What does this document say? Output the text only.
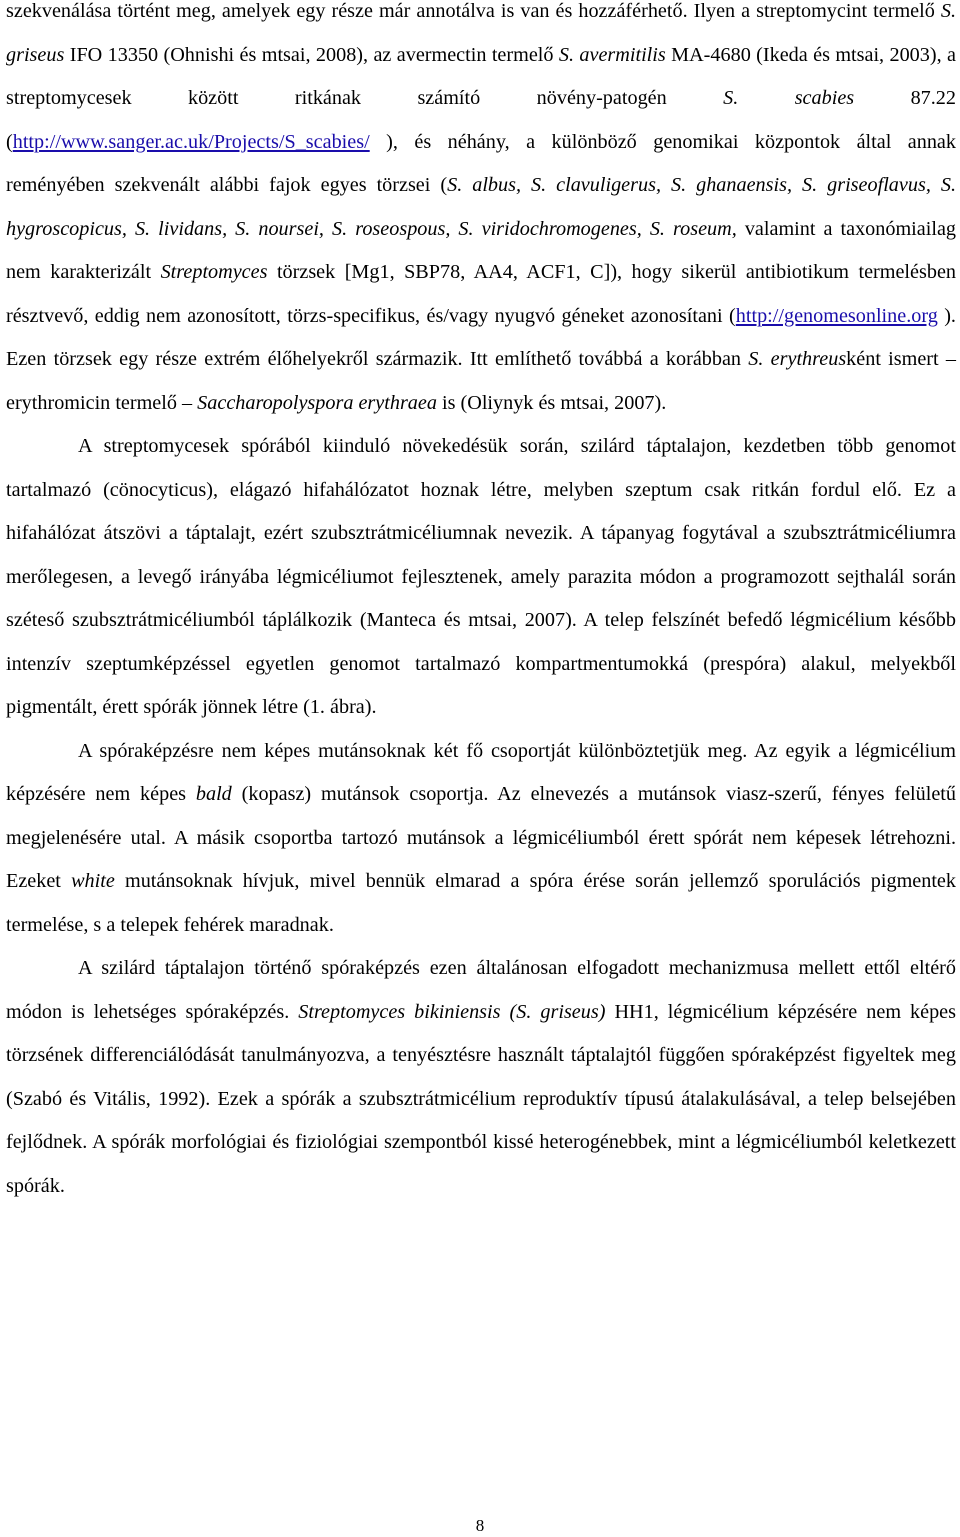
szekvenálása történt meg, amelyek egy része már annotálva is van és hozzáférhető. Ilyen a streptomycint termelő S. griseus IFO 13350 (Ohnishi és mtsai, 2008), az avermectin termelő S. avermitilis MA-4680 (Ikeda és mtsai, 2003), a streptomycesek között ritkának számító növény-patogén S. scabies 87.22 (http://www.sanger.ac.uk/Projects/S_scabies/ ), és néhány, a különböző genomikai központok által annak reményében szekvenált alábbi fajok egyes törzsei (S. albus, S. clavuligerus, S. ghanaensis, S. griseoflavus, S. hygroscopicus, S. lividans, S. noursei, S. roseospous, S. viridochromogenes, S. roseum, valamint a taxonómiailag nem karakterizált Streptomyces törzsek [Mg1, SBP78, AA4, ACF1, C]), hogy sikerül antibiotikum termelésben résztvevő, eddig nem azonosított, törzs-specifikus, és/vagy nyugvó géneket azonosítani (http://genomesonline.org ). Ezen törzsek egy része extrém élőhelyekről származik. Itt említhető továbbá a korábban S. erythreusként ismert – erythromicin termelő – Saccharopolyspora erythraea is (Oliynyk és mtsai, 2007).

A streptomycesek spórából kiinduló növekedésük során, szilárd táptalajon, kezdetben több genomot tartalmazó (cönocyticus), elágazó hifahálózatot hoznak létre, melyben szeptum csak ritkán fordul elő. Ez a hifahálózat átszövi a táptalajt, ezért szubsztrátmicéliumnak nevezik. A tápanyag fogytával a szubsztrátmicéliumra merőlegesen, a levegő irányába légmicéliumot fejlesztenek, amely parazita módon a programozott sejthalál során széteső szubsztrátmicéliumból táplálkozik (Manteca és mtsai, 2007). A telep felszínét befedő légmicélium később intenzív szeptumképzéssel egyetlen genomot tartalmazó kompartmentumokká (prespóra) alakul, melyekből pigmentált, érett spórák jönnek létre (1. ábra).

A spóraképzésre nem képes mutánsoknak két fő csoportját különböztetjük meg. Az egyik a légmicélium képzésére nem képes bald (kopasz) mutánsok csoportja. Az elnevezés a mutánsok viasz-szerű, fényes felületű megjelenésére utal. A másik csoportba tartozó mutánsok a légmicéliumból érett spórát nem képesek létrehozni. Ezeket white mutánsoknak hívjuk, mivel bennük elmarad a spóra érése során jellemző sporulációs pigmentek termelése, s a telepek fehérek maradnak.

A szilárd táptalajon történő spóraképzés ezen általánosan elfogadott mechanizmusa mellett ettől eltérő módon is lehetséges spóraképzés. Streptomyces bikiniensis (S. griseus) HH1, légmicélium képzésére nem képes törzsének differenciálódását tanulmányozva, a tenyésztésre használt táptalajtól függően spóraképzést figyeltek meg (Szabó és Vitális, 1992). Ezek a spórák a szubsztrátmicélium reproduktív típusú átalakulásával, a telep belsejében fejlődnek. A spórák morfológiai és fiziológiai szempontból kissé heterogénebbek, mint a légmicéliumból keletkezett spórák.

8
